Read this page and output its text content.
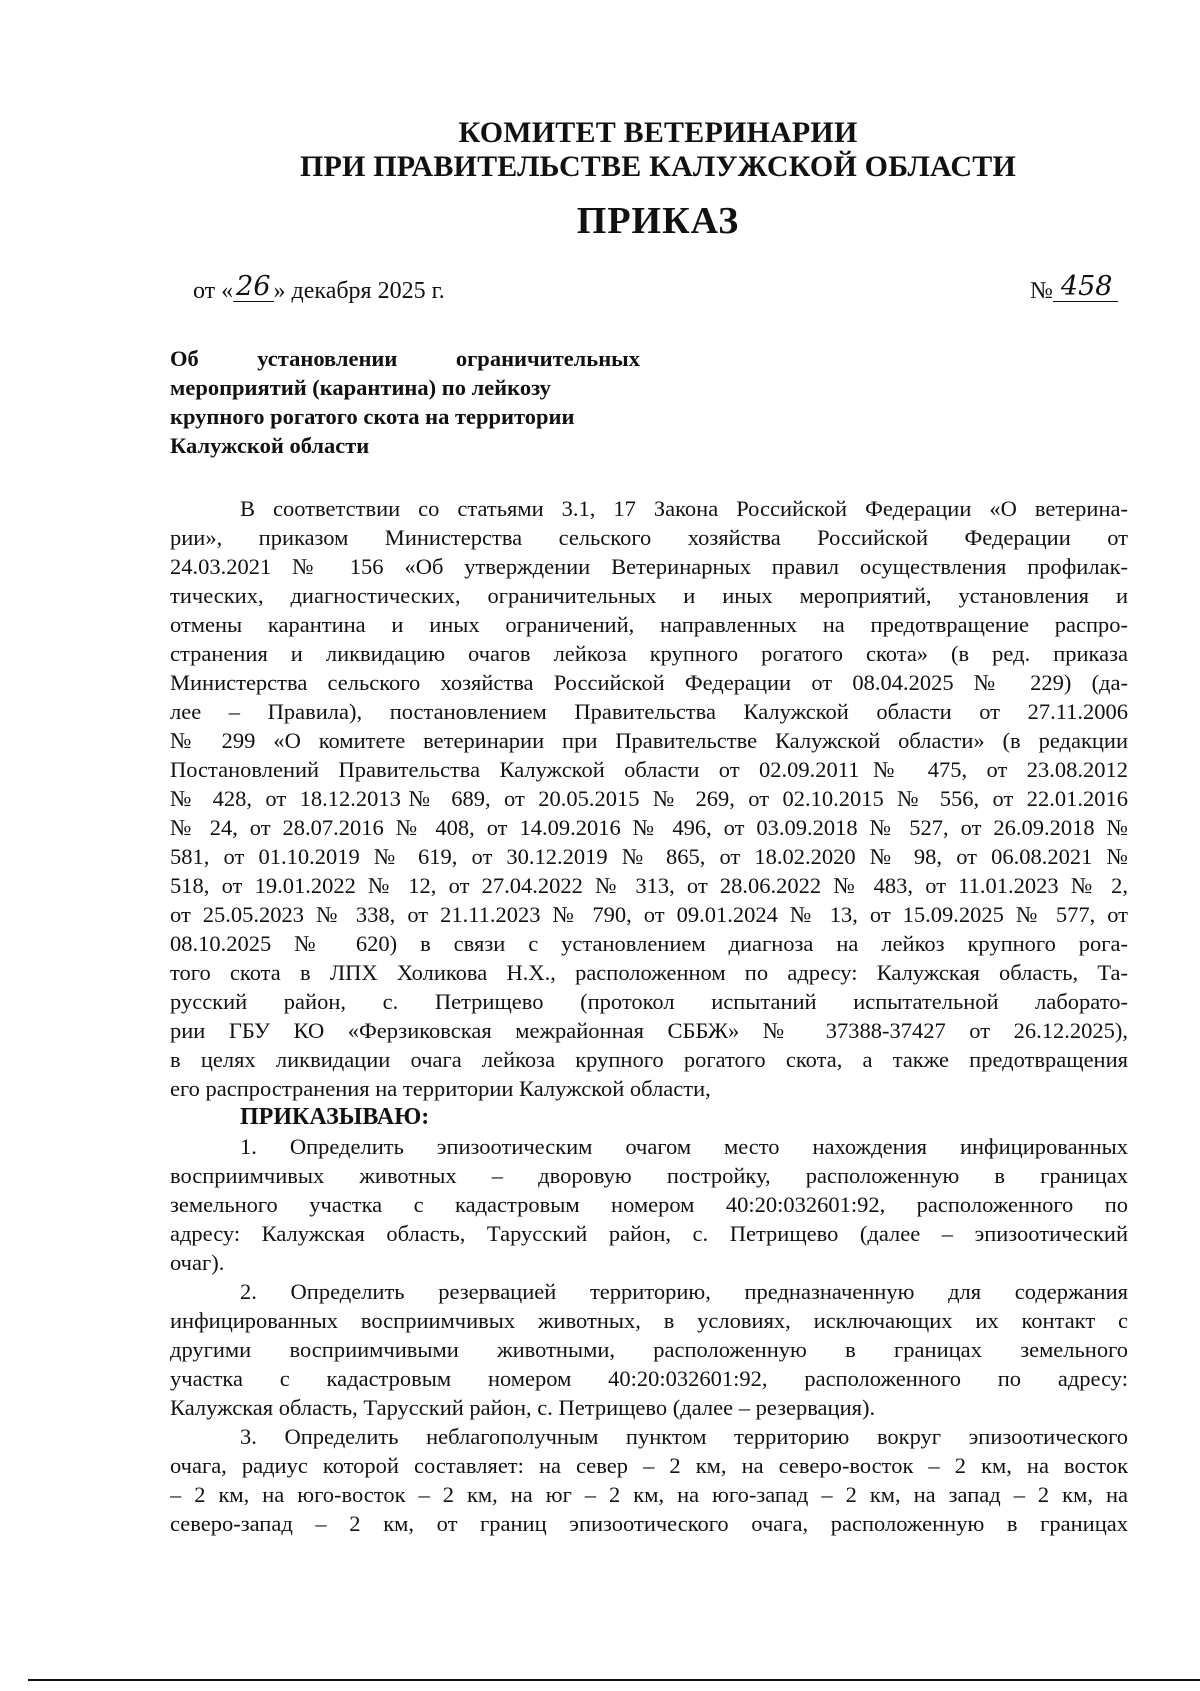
КОМИТЕТ ВЕТЕРИНАРИИ
ПРИ ПРАВИТЕЛЬСТВЕ КАЛУЖСКОЙ ОБЛАСТИ
ПРИКАЗ
от « 26 » декабря 2025 г.	№ 458
Об установлении ограничительных
мероприятий (карантина) по лейкозу
крупного рогатого скота на территории
Калужской области
В соответствии со статьями 3.1, 17 Закона Российской Федерации «О ветерина-
рии», приказом Министерства сельского хозяйства Российской Федерации от
24.03.2021 № 156 «Об утверждении Ветеринарных правил осуществления профилак-
тических, диагностических, ограничительных и иных мероприятий, установления и
отмены карантина и иных ограничений, направленных на предотвращение распро-
странения и ликвидацию очагов лейкоза крупного рогатого скота» (в ред. приказа
Министерства сельского хозяйства Российской Федерации от 08.04.2025 № 229) (да-
лее – Правила), постановлением Правительства Калужской области от 27.11.2006
№ 299 «О комитете ветеринарии при Правительстве Калужской области» (в редакции
Постановлений Правительства Калужской области от 02.09.2011№ 475, от 23.08.2012
№ 428, от 18.12.2013№ 689, от 20.05.2015 № 269, от 02.10.2015 № 556, от 22.01.2016
№ 24, от 28.07.2016 № 408, от 14.09.2016 № 496, от 03.09.2018 № 527, от 26.09.2018 №
581, от 01.10.2019 № 619, от 30.12.2019 № 865, от 18.02.2020 № 98, от 06.08.2021 №
518, от 19.01.2022 № 12, от 27.04.2022 № 313, от 28.06.2022 № 483, от 11.01.2023 № 2,
от 25.05.2023 № 338, от 21.11.2023 № 790, от 09.01.2024 № 13, от 15.09.2025 № 577, от
08.10.2025 № 620) в связи с установлением диагноза на лейкоз крупного рога-
того скота в ЛПХ Холикова Н.Х., расположенном по адресу: Калужская область, Та-
русский район, с. Петрищево (протокол испытаний испытательной лаборато-
рии ГБУ КО «Ферзиковская межрайонная СББЖ» № 37388-37427 от 26.12.2025),
в целях ликвидации очага лейкоза крупного рогатого скота, а также предотвращения
его распространения на территории Калужской области,
ПРИКАЗЫВАЮ:
1. Определить эпизоотическим очагом место нахождения инфицированных
восприимчивых животных – дворовую постройку, расположенную в границах
земельного участка с кадастровым номером 40:20:032601:92, расположенного по
адресу: Калужская область, Тарусский район, с. Петрищево (далее – эпизоотический
очаг).
2. Определить резервацией территорию, предназначенную для содержания
инфицированных восприимчивых животных, в условиях, исключающих их контакт с
другими восприимчивыми животными, расположенную в границах земельного
участка с кадастровым номером 40:20:032601:92, расположенного по адресу:
Калужская область, Тарусский район, с. Петрищево (далее – резервация).
3. Определить неблагополучным пунктом территорию вокруг эпизоотического
очага, радиус которой составляет: на север – 2 км, на северо-восток – 2 км, на восток
– 2 км, на юго-восток – 2 км, на юг – 2 км, на юго-запад – 2 км, на запад – 2 км, на
северо-запад – 2 км, от границ эпизоотического очага, расположенную в границах
